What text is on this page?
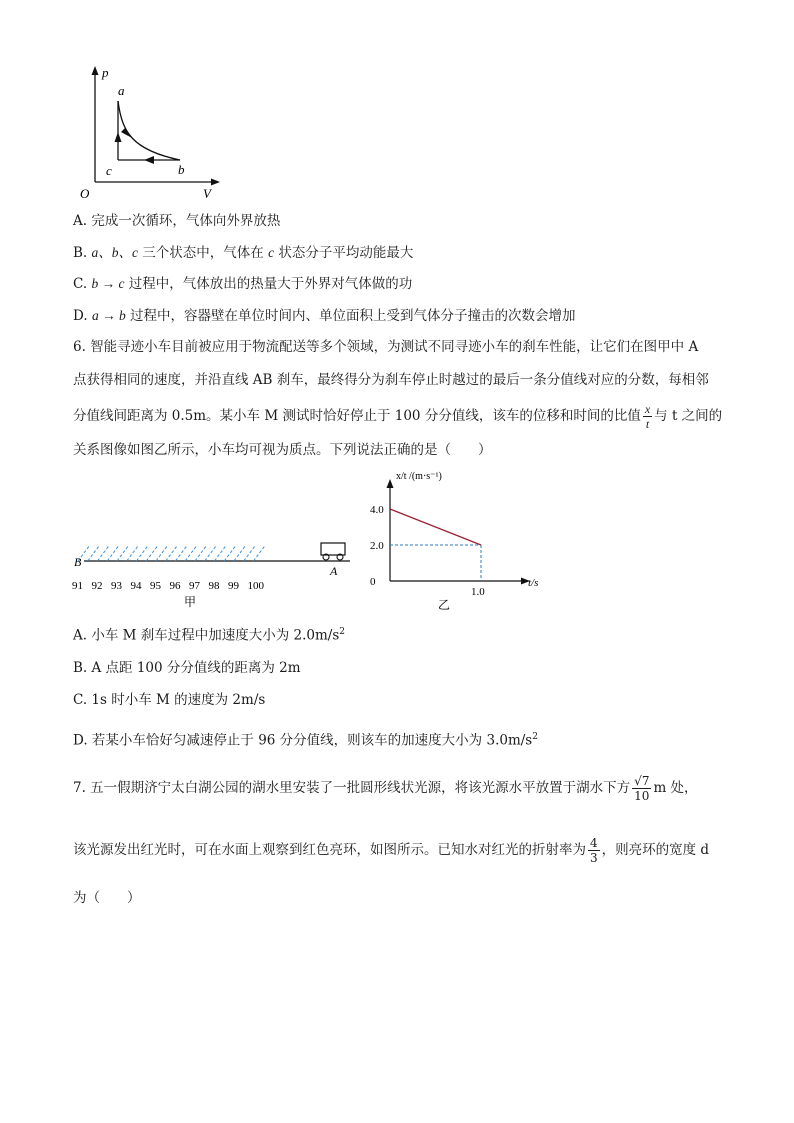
p
V
O
a
b
c
A. 完成一次循环，气体向外界放热
B. a、b、c 三个状态中，气体在 c 状态分子平均动能最大
C. b → c 过程中，气体放出的热量大于外界对气体做的功
D. a → b 过程中，容器壁在单位时间内、单位面积上受到气体分子撞击的次数会增加
6. 智能寻迹小车目前被应用于物流配送等多个领域，为测试不同寻迹小车的刹车性能，让它们在图甲中 A
点获得相同的速度，并沿直线 AB 刹车，最终得分为刹车停止时越过的最后一条分值线对应的分数，每相邻
分值线间距离为 0.5m。某小车 M 测试时恰好停止于 100 分分值线，该车的位移和时间的比值 $\frac{x}{t}$ 与 t 之间的
关系图像如图乙所示，小车均可视为质点。下列说法正确的是（　　）
B
A
91 92 93 94 95 96 97 98 99 100
甲
x/t /(m·s⁻¹)
t/s
4.0
2.0
0
1.0
乙
A. 小车 M 刹车过程中加速度大小为 $2.0m/s^2$
B. A 点距 100 分分值线的距离为 2m
C. 1s 时小车 M 的速度为 2m/s
D. 若某小车恰好匀减速停止于 96 分分值线，则该车的加速度大小为 $3.0m/s^2$
7. 五一假期济宁太白湖公园的湖水里安装了一批圆形线状光源，将该光源水平放置于湖水下方 $\frac{√7}{10}$ m 处，
该光源发出红光时，可在水面上观察到红色亮环，如图所示。已知水对红光的折射率为 $\frac{4}{3}$ ，则亮环的宽度 d
为（　　）
